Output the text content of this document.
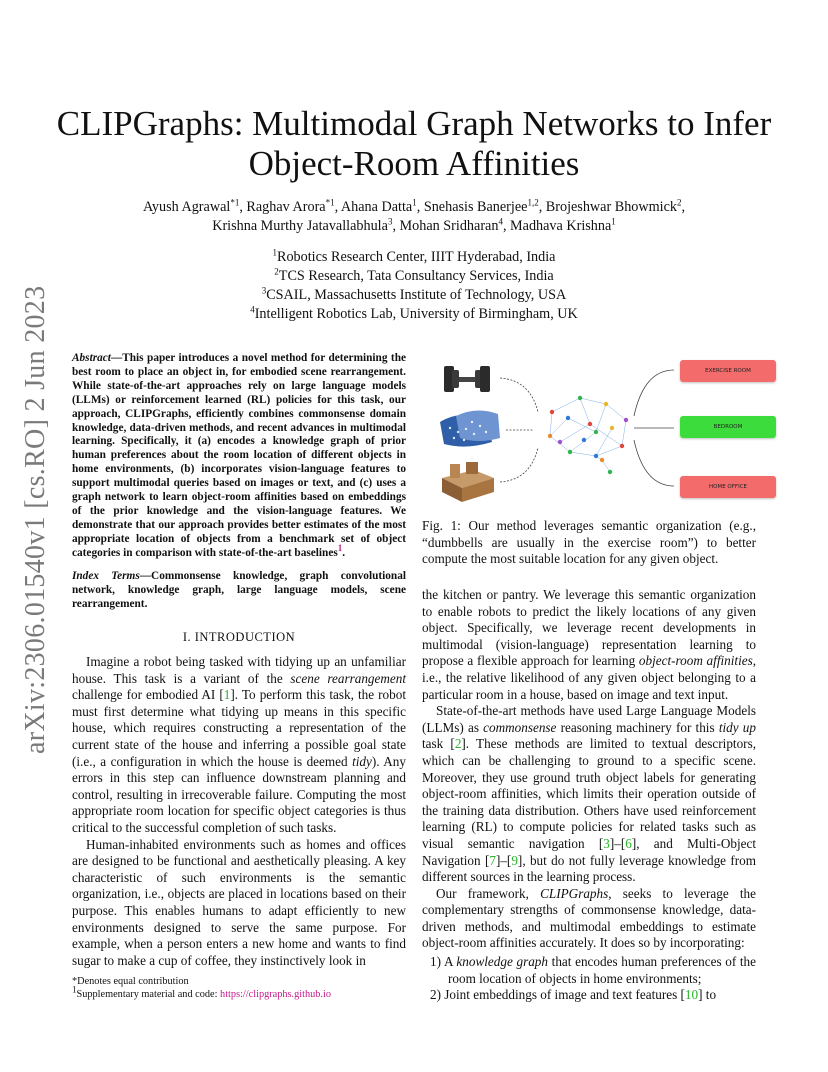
arXiv:2306.01540v1 [cs.RO] 2 Jun 2023
CLIPGraphs: Multimodal Graph Networks to Infer
Object-Room Affinities
Ayush Agrawal$^{*1}$, Raghav Arora$^{*1}$, Ahana Datta$^1$, Snehasis Banerjee$^{1,2}$, Brojeshwar Bhowmick$^2$,
Krishna Murthy Jatavallabhula$^3$, Mohan Sridharan$^4$, Madhava Krishna$^1$
$^1$Robotics Research Center, IIIT Hyderabad, India
$^2$TCS Research, Tata Consultancy Services, India
$^3$CSAIL, Massachusetts Institute of Technology, USA
$^4$Intelligent Robotics Lab, University of Birmingham, UK
Abstract—This paper introduces a novel method for determining the best room to place an object in, for embodied scene rearrangement. While state-of-the-art approaches rely on large language models (LLMs) or reinforcement learned (RL) policies for this task, our approach, CLIPGraphs, efficiently combines commonsense domain knowledge, data-driven methods, and recent advances in multimodal learning. Specifically, it (a) encodes a knowledge graph of prior human preferences about the room location of different objects in home environments, (b) incorporates vision-language features to support multimodal queries based on images or text, and (c) uses a graph network to learn object-room affinities based on embeddings of the prior knowledge and the vision-language features. We demonstrate that our approach provides better estimates of the most appropriate location of objects from a benchmark set of object categories in comparison with state-of-the-art baselines$^1$.
Index Terms—Commonsense knowledge, graph convolutional network, knowledge graph, large language models, scene rearrangement.
I. INTRODUCTION

Imagine a robot being tasked with tidying up an unfamiliar house. This task is a variant of the scene rearrangement challenge for embodied AI [1]. To perform this task, the robot must first determine what tidying up means in this specific house, which requires constructing a representation of the current state of the house and inferring a possible goal state (i.e., a configuration in which the house is deemed tidy). Any errors in this step can influence downstream planning and control, resulting in irrecoverable failure. Computing the most appropriate room location for specific object categories is thus critical to the successful completion of such tasks.

Human-inhabited environments such as homes and offices are designed to be functional and aesthetically pleasing. A key characteristic of such environments is the semantic organization, i.e., objects are placed in locations based on their purpose. This enables humans to adapt efficiently to new environments designed to serve the same purpose. For example, when a person enters a new home and wants to find sugar to make a cup of coffee, they instinctively look in

*Denotes equal contribution
$^1$Supplementary material and code: https://clipgraphs.github.io
EXERCISE ROOM
BEDROOM
HOME OFFICE
Fig. 1: Our method leverages semantic organization (e.g., “dumbbells are usually in the exercise room”) to better compute the most suitable location for any given object.

the kitchen or pantry. We leverage this semantic organization to enable robots to predict the likely locations of any given object. Specifically, we leverage recent developments in multimodal (vision-language) representation learning to propose a flexible approach for learning object-room affinities, i.e., the relative likelihood of any given object belonging to a particular room in a house, based on image and text input.

State-of-the-art methods have used Large Language Models (LLMs) as commonsense reasoning machinery for this tidy up task [2]. These methods are limited to textual descriptors, which can be challenging to ground to a specific scene. Moreover, they use ground truth object labels for generating object-room affinities, which limits their operation outside of the training data distribution. Others have used reinforcement learning (RL) to compute policies for related tasks such as visual semantic navigation [3]–[6], and Multi-Object Navigation [7]–[9], but do not fully leverage knowledge from different sources in the learning process.

Our framework, CLIPGraphs, seeks to leverage the complementary strengths of commonsense knowledge, data-driven methods, and multimodal embeddings to estimate object-room affinities accurately. It does so by incorporating:

1) A knowledge graph that encodes human preferences of the room location of objects in home environments;
2) Joint embeddings of image and text features [10] to
